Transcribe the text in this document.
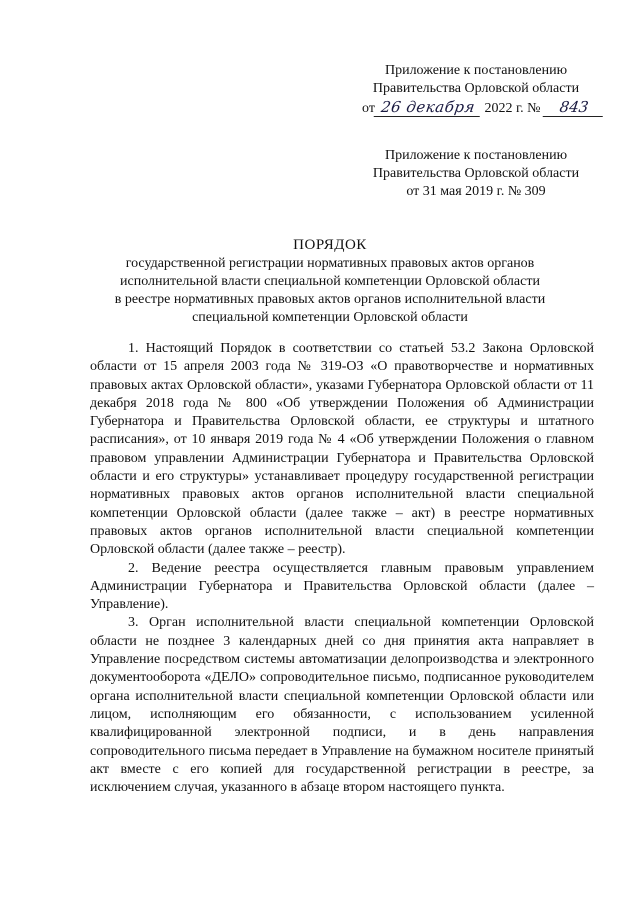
Приложение к постановлению
Правительства Орловской области
от 26 декабря 2022 г. № 843
Приложение к постановлению
Правительства Орловской области
от 31 мая 2019 г. № 309
ПОРЯДОК
государственной регистрации нормативных правовых актов органов
исполнительной власти специальной компетенции Орловской области
в реестре нормативных правовых актов органов исполнительной власти
специальной компетенции Орловской области

1. Настоящий Порядок в соответствии со статьей 53.2 Закона Орловской области от 15 апреля 2003 года № 319-ОЗ «О правотворчестве и нормативных правовых актах Орловской области», указами Губернатора Орловской области от 11 декабря 2018 года № 800 «Об утверждении Положения об Администрации Губернатора и Правительства Орловской области, ее структуры и штатного расписания», от 10 января 2019 года № 4 «Об утверждении Положения о главном правовом управлении Администрации Губернатора и Правительства Орловской области и его структуры» устанавливает процедуру государственной регистрации нормативных правовых актов органов исполнительной власти специальной компетенции Орловской области (далее также – акт) в реестре нормативных правовых актов органов исполнительной власти специальной компетенции Орловской области (далее также – реестр).

2. Ведение реестра осуществляется главным правовым управлением Администрации Губернатора и Правительства Орловской области (далее – Управление).

3. Орган исполнительной власти специальной компетенции Орловской области не позднее 3 календарных дней со дня принятия акта направляет в Управление посредством системы автоматизации делопроизводства и электронного документооборота «ДЕЛО» сопроводительное письмо, подписанное руководителем органа исполнительной власти специальной компетенции Орловской области или лицом, исполняющим его обязанности, с использованием усиленной квалифицированной электронной подписи, и в день направления сопроводительного письма передает в Управление на бумажном носителе принятый акт вместе с его копией для государственной регистрации в реестре, за исключением случая, указанного в абзаце втором настоящего пункта.
